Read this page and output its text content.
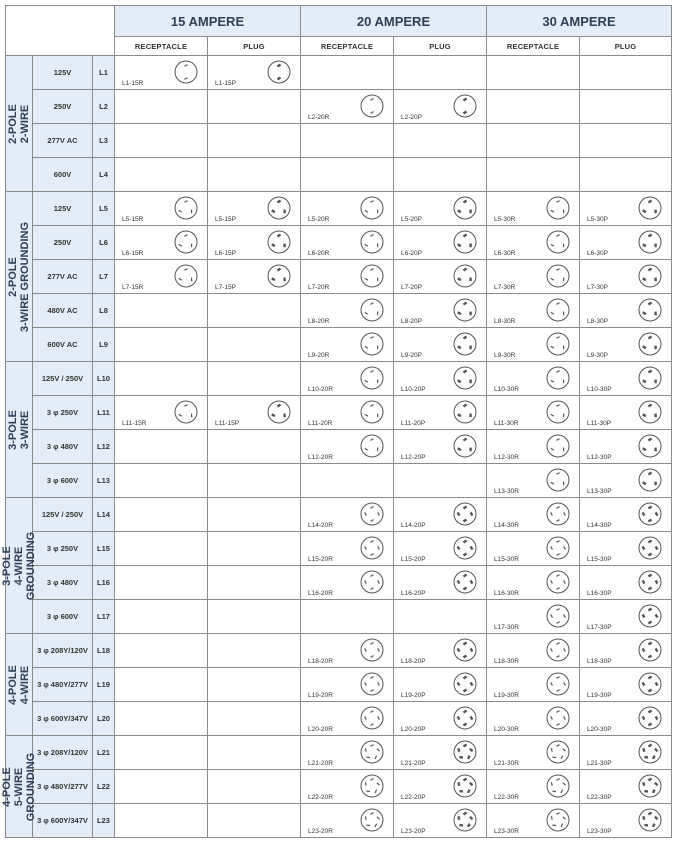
			15 AMPERE		20 AMPERE		30 AMPERE	
			RECEPTACLE	PLUG	RECEPTACLE	PLUG	RECEPTACLE	PLUG

2-POLE 2-WIRE	125V	L1	L1-15R	L1-15P				

	250V	L2			L2-20R	L2-20P		

	277V AC	L3						
	600V	L4						

2-POLE 3-WIRE GROUNDING	125V	L5	L5-15R	L5-15P	L5-20R	L5-20P	L5-30R	L5-30P

	250V	L6	L6-15R	L6-15P	L6-20R	L6-20P	L6-30R	L6-30P

	277V AC	L7	L7-15R	L7-15P	L7-20R	L7-20P	L7-30R	L7-30P

	480V AC	L8			L8-20R	L8-20P	L8-30R	L8-30P

	600V AC	L9			L9-20R	L9-20P	L9-30R	L9-30P

3-POLE 3-WIRE	125V / 250V	L10			L10-20R	L10-20P	L10-30R	L10-30P

	3 φ 250V	L11	L11-15R	L11-15P	L11-20R	L11-20P	L11-30R	L11-30P

	3 φ 480V	L12			L12-20R	L12-20P	L12-30R	L12-30P

	3 φ 600V	L13					L13-30R	L13-30P

3-POLE 4-WIRE GROUNDING	125V / 250V	L14			L14-20R	L14-20P	L14-30R	L14-30P

	3 φ 250V	L15			L15-20R	L15-20P	L15-30R	L15-30P

	3 φ 480V	L16			L16-20R	L16-20P	L16-30R	L16-30P

	3 φ 600V	L17					L17-30R	L17-30P

4-POLE 4-WIRE	3 φ 208Y/120V	L18			L18-20R	L18-20P	L18-30R	L18-30P

	3 φ 480Y/277V	L19			L19-20R	L19-20P	L19-30R	L19-30P

	3 φ 600Y/347V	L20			L20-20R	L20-20P	L20-30R	L20-30P

4-POLE 5-WIRE GROUNDING	3 φ 208Y/120V	L21			L21-20R	L21-20P	L21-30R	L21-30P

	3 φ 480Y/277V	L22			L22-20R	L22-20P	L22-30R	L22-30P

	3 φ 600Y/347V	L23			L23-20R	L23-20P	L23-30R	L23-30P
